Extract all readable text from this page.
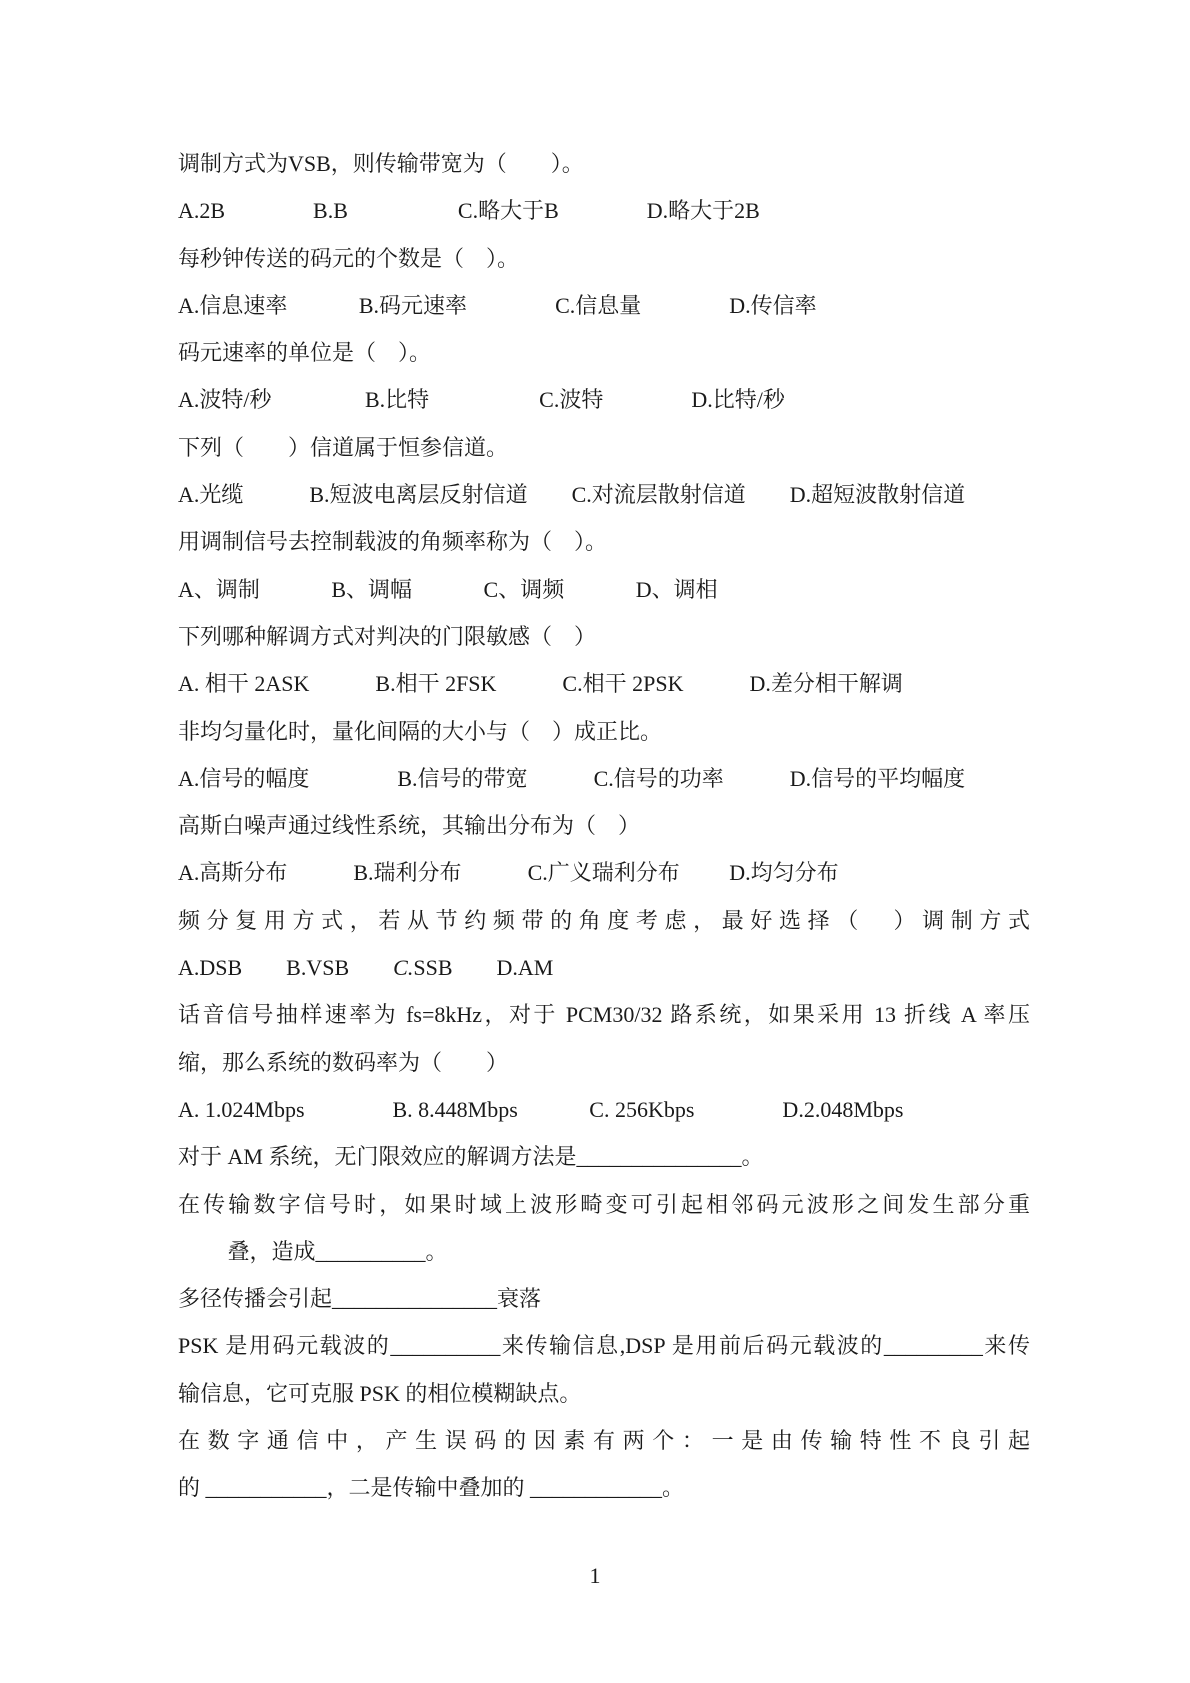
调制方式为VSB，则传输带宽为（　　）。

A.2B　　　　B.B　　　　　C.略大于B　　　　D.略大于2B

每秒钟传送的码元的个数是（　）。

A.信息速率　　　 B.码元速率　　　　C.信息量　　　　D.传信率

码元速率的单位是（　）。

A.波特/秒　　　　 B.比特　　　　　C.波特　　　　D.比特/秒

下列（　　）信道属于恒参信道。

A.光缆　　　B.短波电离层反射信道　　C.对流层散射信道　　D.超短波散射信道

用调制信号去控制载波的角频率称为（　）。

A、调制　　　 B、调幅　　　 C、调频　　　 D、调相

下列哪种解调方式对判决的门限敏感（　）

A. 相干 2ASK　　　B.相干 2FSK　　　C.相干 2PSK　　　D.差分相干解调

非均匀量化时，量化间隔的大小与（　）成正比。

A.信号的幅度　　　　B.信号的带宽　　　C.信号的功率　　　D.信号的平均幅度

高斯白噪声通过线性系统，其输出分布为（　）

A.高斯分布　　　B.瑞利分布　　　C.广义瑞利分布　　 D.均匀分布

频分复用方式，若从节约频带的角度考虑，最好选择（　）调制方式

A.DSB　　B.VSB　　C.SSB　　D.AM

话音信号抽样速率为 fs=8kHz，对于 PCM30/32 路系统，如果采用 13 折线 A 率压

缩，那么系统的数码率为（　　）

A. 1.024Mbps　　　　B. 8.448Mbps　　　 C. 256Kbps　　　　D.2.048Mbps

对于 AM 系统，无门限效应的解调方法是_______________。

在传输数字信号时，如果时域上波形畸变可引起相邻码元波形之间发生部分重

　　 叠，造成__________。

多径传播会引起_______________衰落

PSK 是用码元载波的__________来传输信息,DSP 是用前后码元载波的_________来传

输信息，它可克服 PSK 的相位模糊缺点。

在数字通信中，产生误码的因素有两个：一是由传输特性不良引起

的 ___________，二是传输中叠加的 ____________。

1
